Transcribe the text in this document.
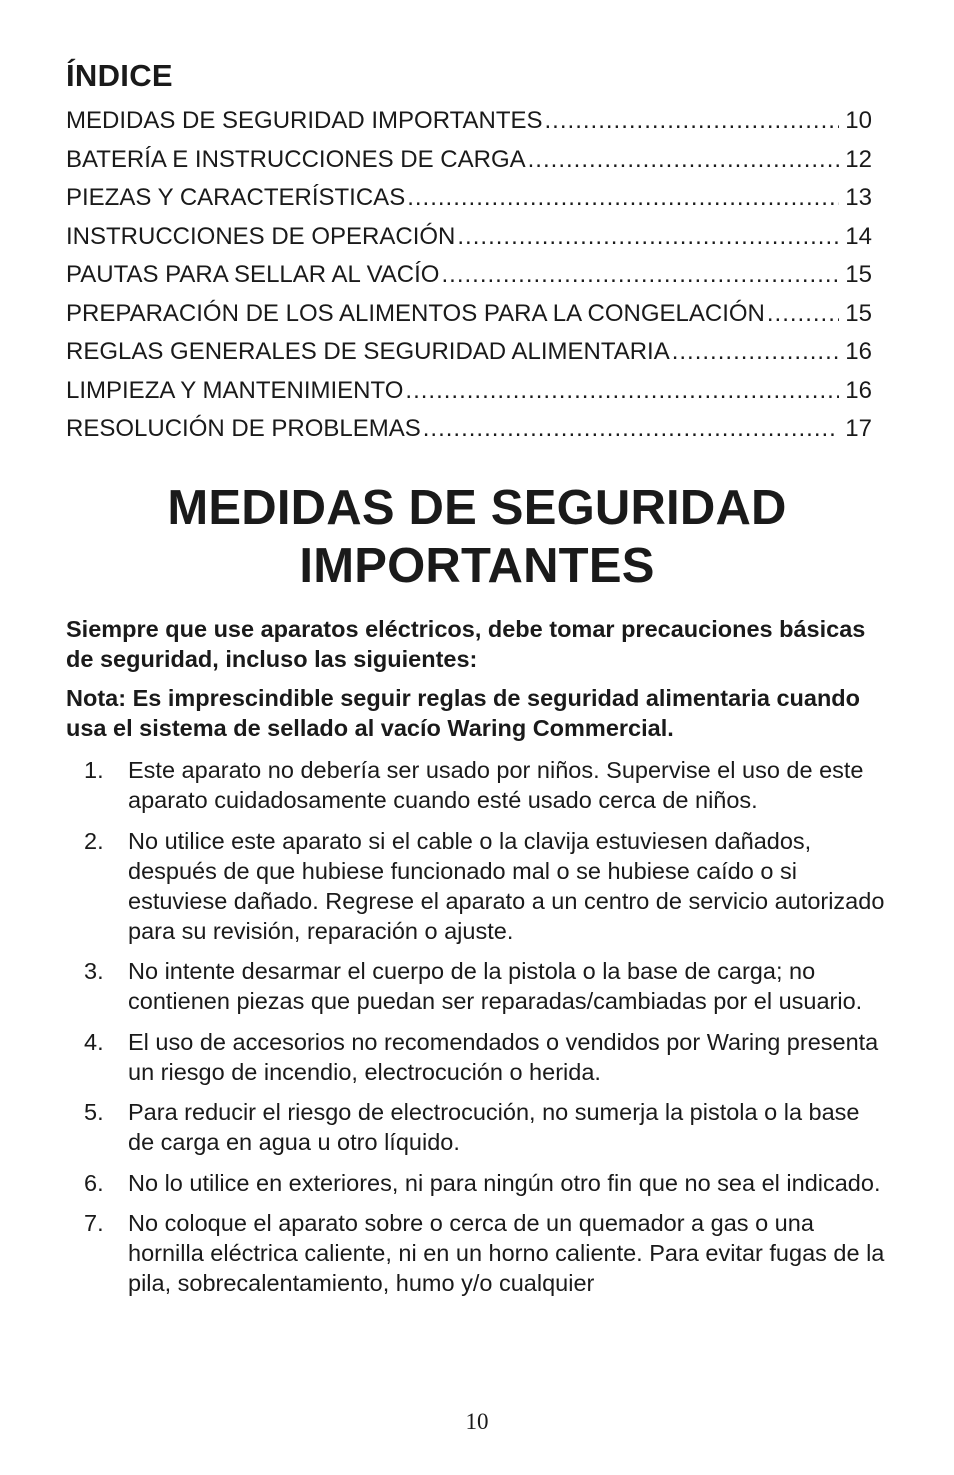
ÍNDICE
MEDIDAS DE SEGURIDAD IMPORTANTES .....	10
BATERÍA E INSTRUCCIONES DE CARGA .....	12
PIEZAS Y CARACTERÍSTICAS .....	13
INSTRUCCIONES DE OPERACIÓN .....	14
PAUTAS PARA SELLAR AL VACÍO .....	15
PREPARACIÓN DE LOS ALIMENTOS PARA LA CONGELACIÓN .....	15
REGLAS GENERALES DE SEGURIDAD ALIMENTARIA .....	16
LIMPIEZA Y MANTENIMIENTO .....	16
RESOLUCIÓN DE PROBLEMAS .....	17
MEDIDAS DE SEGURIDAD
IMPORTANTES

Siempre que use aparatos eléctricos, debe tomar precauciones básicas de seguridad, incluso las siguientes:

Nota: Es imprescindible seguir reglas de seguridad alimentaria cuando usa el sistema de sellado al vacío Waring Commercial.

1.	Este aparato no debería ser usado por niños. Supervise el uso de este aparato cuidadosamente cuando esté usado cerca de niños.
2.	No utilice este aparato si el cable o la clavija estuviesen dañados, después de que hubiese funcionado mal o se hubiese caído o si estuviese dañado. Regrese el aparato a un centro de servicio autorizado para su revisión, reparación o ajuste.
3.	No intente desarmar el cuerpo de la pistola o la base de carga; no contienen piezas que puedan ser reparadas/cambiadas por el usuario.
4.	El uso de accesorios no recomendados o vendidos por Waring presenta un riesgo de incendio, electrocución o herida.
5.	Para reducir el riesgo de electrocución, no sumerja la pistola o la base de carga en agua u otro líquido.
6.	No lo utilice en exteriores, ni para ningún otro fin que no sea el indicado.
7.	No coloque el aparato sobre o cerca de un quemador a gas o una hornilla eléctrica caliente, ni en un horno caliente. Para evitar fugas de la pila, sobrecalentamiento, humo y/o cualquier
10
